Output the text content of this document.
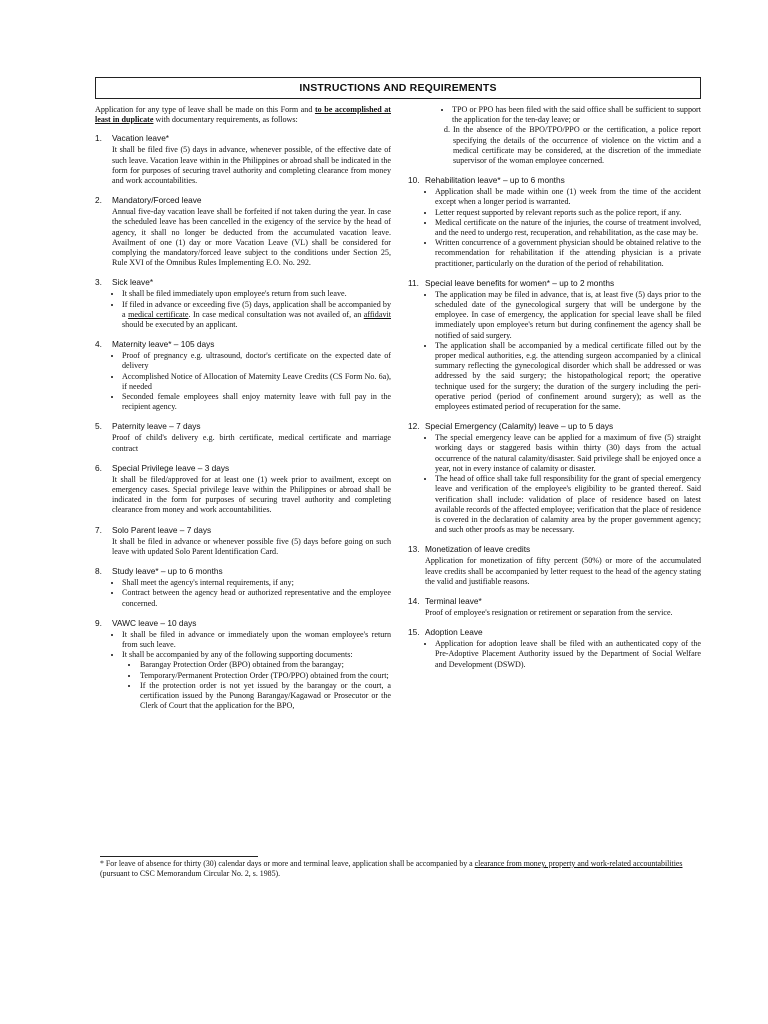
INSTRUCTIONS AND REQUIREMENTS
Application for any type of leave shall be made on this Form and to be accomplished at least in duplicate with documentary requirements, as follows:
1. Vacation leave*
It shall be filed five (5) days in advance, whenever possible, of the effective date of such leave. Vacation leave within in the Philippines or abroad shall be indicated in the form for purposes of securing travel authority and completing clearance from money and work accountabilities.
2. Mandatory/Forced leave
Annual five-day vacation leave shall be forfeited if not taken during the year. In case the scheduled leave has been cancelled in the exigency of the service by the head of agency, it shall no longer be deducted from the accumulated vacation leave. Availment of one (1) day or more Vacation Leave (VL) shall be considered for complying the mandatory/forced leave subject to the conditions under Section 25, Rule XVI of the Omnibus Rules Implementing E.O. No. 292.
3. Sick leave*
• It shall be filed immediately upon employee's return from such leave.
• If filed in advance or exceeding five (5) days, application shall be accompanied by a medical certificate. In case medical consultation was not availed of, an affidavit should be executed by an applicant.
4. Maternity leave* – 105 days
• Proof of pregnancy e.g. ultrasound, doctor's certificate on the expected date of delivery
• Accomplished Notice of Allocation of Maternity Leave Credits (CS Form No. 6a), if needed
• Seconded female employees shall enjoy maternity leave with full pay in the recipient agency.
5. Paternity leave – 7 days
Proof of child's delivery e.g. birth certificate, medical certificate and marriage contract
6. Special Privilege leave – 3 days
It shall be filed/approved for at least one (1) week prior to availment, except on emergency cases. Special privilege leave within the Philippines or abroad shall be indicated in the form for purposes of securing travel authority and completing clearance from money and work accountabilities.
7. Solo Parent leave – 7 days
It shall be filed in advance or whenever possible five (5) days before going on such leave with updated Solo Parent Identification Card.
8. Study leave* – up to 6 months
• Shall meet the agency's internal requirements, if any;
• Contract between the agency head or authorized representative and the employee concerned.
9. VAWC leave – 10 days
• It shall be filed in advance or immediately upon the woman employee's return from such leave.
• It shall be accompanied by any of the following supporting documents:
• Barangay Protection Order (BPO) obtained from the barangay;
• Temporary/Permanent Protection Order (TPO/PPO) obtained from the court;
• If the protection order is not yet issued by the barangay or the court, a certification issued by the Punong Barangay/Kagawad or Prosecutor or the Clerk of Court that the application for the BPO,
• TPO or PPO has been filed with the said office shall be sufficient to support the application for the ten-day leave; or
d. In the absence of the BPO/TPO/PPO or the certification, a police report specifying the details of the occurrence of violence on the victim and a medical certificate may be considered, at the discretion of the immediate supervisor of the woman employee concerned.
10. Rehabilitation leave* – up to 6 months
• Application shall be made within one (1) week from the time of the accident except when a longer period is warranted.
• Letter request supported by relevant reports such as the police report, if any.
• Medical certificate on the nature of the injuries, the course of treatment involved, and the need to undergo rest, recuperation, and rehabilitation, as the case may be.
• Written concurrence of a government physician should be obtained relative to the recommendation for rehabilitation if the attending physician is a private practitioner, particularly on the duration of the period of rehabilitation.
11. Special leave benefits for women* – up to 2 months
• The application may be filed in advance, that is, at least five (5) days prior to the scheduled date of the gynecological surgery that will be undergone by the employee. In case of emergency, the application for special leave shall be filed immediately upon employee's return but during confinement the agency shall be notified of said surgery.
• The application shall be accompanied by a medical certificate filled out by the proper medical authorities, e.g. the attending surgeon accompanied by a clinical summary reflecting the gynecological disorder which shall be addressed or was addressed by the said surgery; the histopathological report; the operative technique used for the surgery; the duration of the surgery including the peri- operative period (period of confinement around surgery); as well as the employees estimated period of recuperation for the same.
12. Special Emergency (Calamity) leave – up to 5 days
• The special emergency leave can be applied for a maximum of five (5) straight working days or staggered basis within thirty (30) days from the actual occurrence of the natural calamity/disaster. Said privilege shall be enjoyed once a year, not in every instance of calamity or disaster.
• The head of office shall take full responsibility for the grant of special emergency leave and verification of the employee's eligibility to be granted thereof. Said verification shall include: validation of place of residence based on latest available records of the affected employee; verification that the place of residence is covered in the declaration of calamity area by the proper government agency; and such other proofs as may be necessary.
13. Monetization of leave credits
Application for monetization of fifty percent (50%) or more of the accumulated leave credits shall be accompanied by letter request to the head of the agency stating the valid and justifiable reasons.
14. Terminal leave*
Proof of employee's resignation or retirement or separation from the service.
15. Adoption Leave
• Application for adoption leave shall be filed with an authenticated copy of the Pre-Adoptive Placement Authority issued by the Department of Social Welfare and Development (DSWD).
* For leave of absence for thirty (30) calendar days or more and terminal leave, application shall be accompanied by a clearance from money, property and work-related accountabilities (pursuant to CSC Memorandum Circular No. 2, s. 1985).
